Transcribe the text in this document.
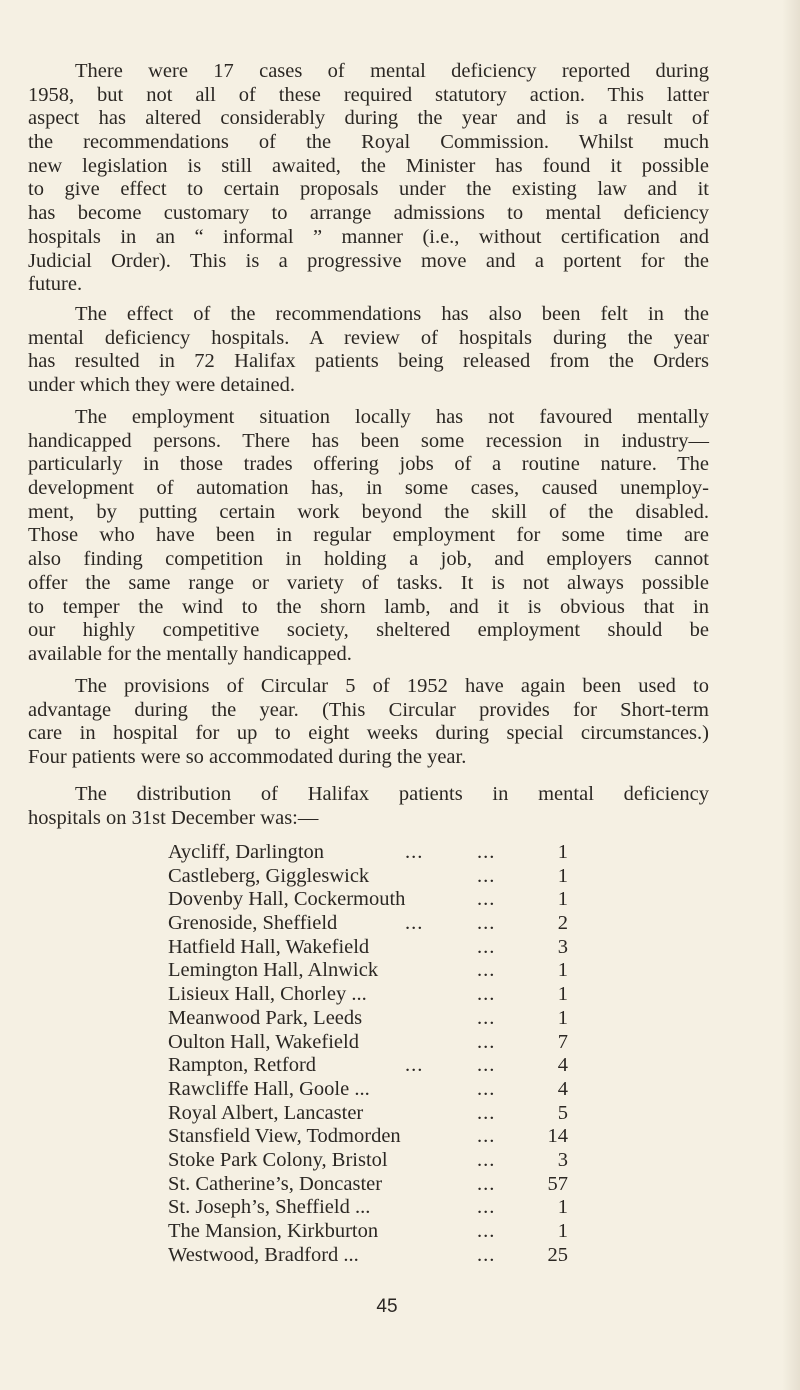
There were 17 cases of mental deficiency reported during
1958, but not all of these required statutory action. This latter
aspect has altered considerably during the year and is a result of
the recommendations of the Royal Commission. Whilst much
new legislation is still awaited, the Minister has found it possible
to give effect to certain proposals under the existing law and it
has become customary to arrange admissions to mental deficiency
hospitals in an “ informal ” manner (i.e., without certification and
Judicial Order). This is a progressive move and a portent for the
future.
The effect of the recommendations has also been felt in the
mental deficiency hospitals. A review of hospitals during the year
has resulted in 72 Halifax patients being released from the Orders
under which they were detained.
The employment situation locally has not favoured mentally
handicapped persons. There has been some recession in industry—
particularly in those trades offering jobs of a routine nature. The
development of automation has, in some cases, caused unemploy-
ment, by putting certain work beyond the skill of the disabled.
Those who have been in regular employment for some time are
also finding competition in holding a job, and employers cannot
offer the same range or variety of tasks. It is not always possible
to temper the wind to the shorn lamb, and it is obvious that in
our highly competitive society, sheltered employment should be
available for the mentally handicapped.
The provisions of Circular 5 of 1952 have again been used to
advantage during the year. (This Circular provides for Short-term
care in hospital for up to eight weeks during special circumstances.)
Four patients were so accommodated during the year.
The distribution of Halifax patients in mental deficiency
hospitals on 31st December was:—
Aycliff, Darlington	...	...	1
Castleberg, Giggleswick	...	1
Dovenby Hall, Cockermouth	...	1
Grenoside, Sheffield	...	...	2
Hatfield Hall, Wakefield	...	3
Lemington Hall, Alnwick	...	1
Lisieux Hall, Chorley ...	...	1
Meanwood Park, Leeds	...	1
Oulton Hall, Wakefield	...	7
Rampton, Retford	...	...	4
Rawcliffe Hall, Goole ...	...	4
Royal Albert, Lancaster	...	5
Stansfield View, Todmorden	...	14
Stoke Park Colony, Bristol	...	3
St. Catherine’s, Doncaster	...	57
St. Joseph’s, Sheffield ...	...	1
The Mansion, Kirkburton	...	1
Westwood, Bradford ...	...	25
45
